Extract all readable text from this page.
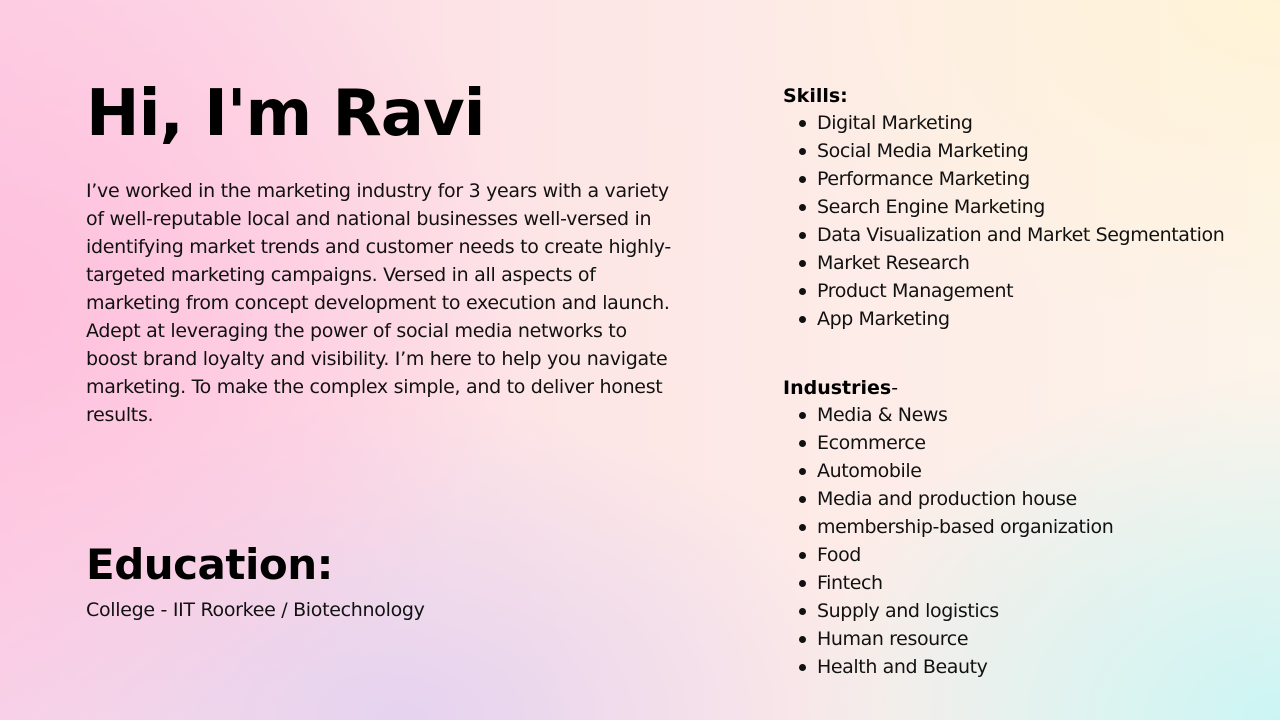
Hi, I'm Ravi

I’ve worked in the marketing industry for 3 years with a variety of well-reputable local and national businesses well-versed in identifying market trends and customer needs to create highly-targeted marketing campaigns. Versed in all aspects of marketing from concept development to execution and launch. Adept at leveraging the power of social media networks to boost brand loyalty and visibility. I’m here to help you navigate marketing. To make the complex simple, and to deliver honest results.

Education:

College - IIT Roorkee / Biotechnology

Skills:
Digital Marketing
Social Media Marketing
Performance Marketing
Search Engine Marketing
Data Visualization and Market Segmentation
Market Research
Product Management
App Marketing
Industries-
Media & News
Ecommerce
Automobile
Media and production house
membership-based organization
Food
Fintech
Supply and logistics
Human resource
Health and Beauty
